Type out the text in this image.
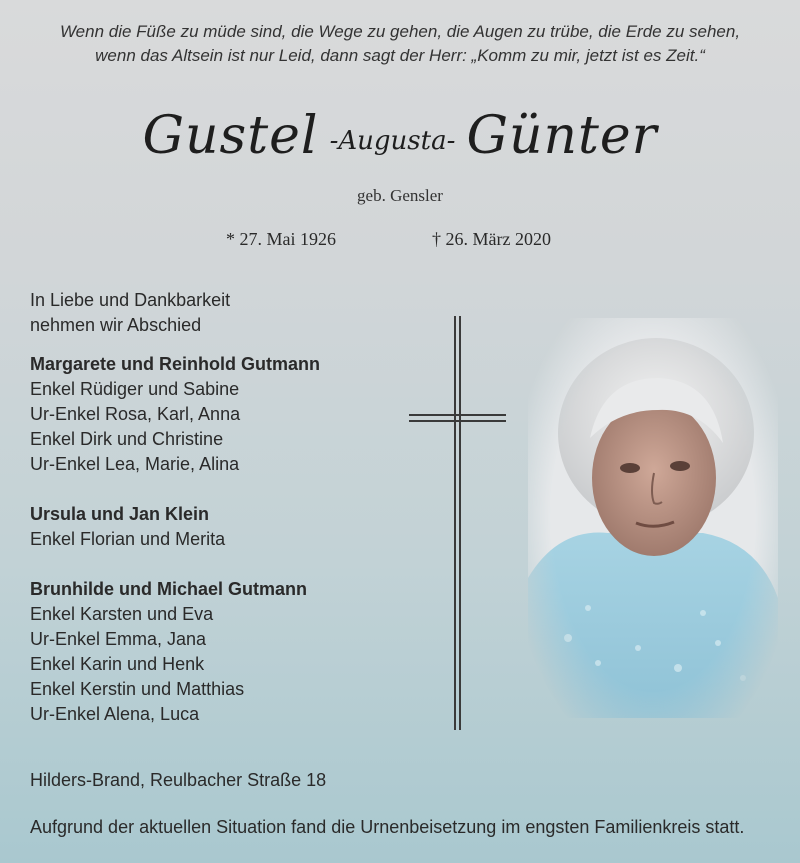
Wenn die Füße zu müde sind, die Wege zu gehen, die Augen zu trübe, die Erde zu sehen,
wenn das Altsein ist nur Leid, dann sagt der Herr: „Komm zu mir, jetzt ist es Zeit.“
Gustel -Augusta- Günter
geb. Gensler
* 27. Mai 1926	† 26. März 2020
In Liebe und Dankbarkeit
nehmen wir Abschied
Margarete und Reinhold Gutmann
Enkel Rüdiger und Sabine
Ur-Enkel Rosa, Karl, Anna
Enkel Dirk und Christine
Ur-Enkel Lea, Marie, Alina
Ursula und Jan Klein
Enkel Florian und Merita
Brunhilde und Michael Gutmann
Enkel Karsten und Eva
Ur-Enkel Emma, Jana
Enkel Karin und Henk
Enkel Kerstin und Matthias
Ur-Enkel Alena, Luca
Hilders-Brand, Reulbacher Straße 18
Aufgrund der aktuellen Situation fand die Urnenbeisetzung im engsten Familienkreis statt.
